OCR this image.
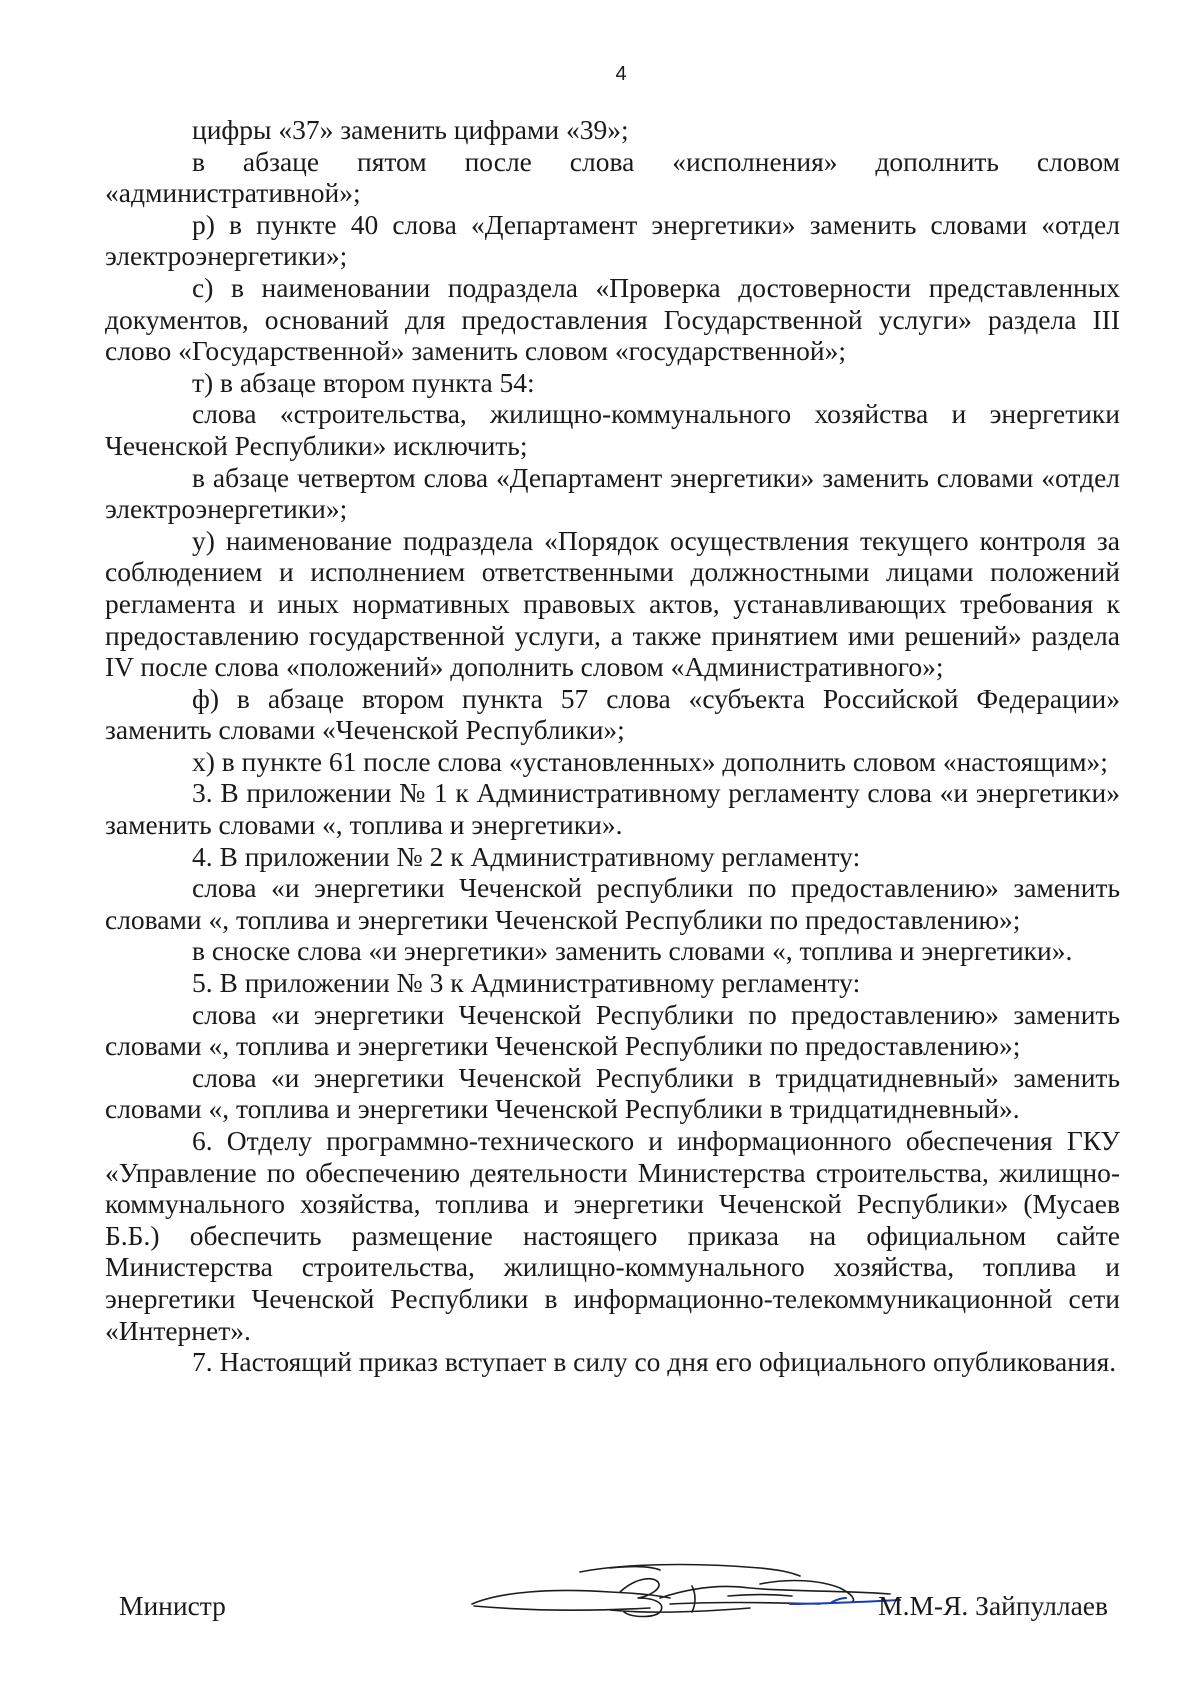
4

цифры «37» заменить цифрами «39»;

в абзаце пятом после слова «исполнения» дополнить словом «административной»;

р) в пункте 40 слова «Департамент энергетики» заменить словами «отдел электроэнергетики»;

с) в наименовании подраздела «Проверка достоверности представленных документов, оснований для предоставления Государственной услуги» раздела III слово «Государственной» заменить словом «государственной»;

т) в абзаце втором пункта 54:

слова «строительства, жилищно-коммунального хозяйства и энергетики Чеченской Республики» исключить;

в абзаце четвертом слова «Департамент энергетики» заменить словами «отдел электроэнергетики»;

у) наименование подраздела «Порядок осуществления текущего контроля за соблюдением и исполнением ответственными должностными лицами положений регламента и иных нормативных правовых актов, устанавливающих требования к предоставлению государственной услуги, а также принятием ими решений» раздела IV после слова «положений» дополнить словом «Административного»;

ф) в абзаце втором пункта 57 слова «субъекта Российской Федерации» заменить словами «Чеченской Республики»;

х) в пункте 61 после слова «установленных» дополнить словом «настоящим»;

3. В приложении № 1 к Административному регламенту слова «и энергетики» заменить словами «, топлива и энергетики».

4. В приложении № 2 к Административному регламенту:

слова «и энергетики Чеченской республики по предоставлению» заменить словами «, топлива и энергетики Чеченской Республики по предоставлению»;

в сноске слова «и энергетики» заменить словами «, топлива и энергетики».

5. В приложении № 3 к Административному регламенту:

слова «и энергетики Чеченской Республики по предоставлению» заменить словами «, топлива и энергетики Чеченской Республики по предоставлению»;

слова «и энергетики Чеченской Республики в тридцатидневный» заменить словами «, топлива и энергетики Чеченской Республики в тридцатидневный».

6. Отделу программно-технического и информационного обеспечения ГКУ «Управление по обеспечению деятельности Министерства строительства, жилищно-коммунального хозяйства, топлива и энергетики Чеченской Республики» (Мусаев Б.Б.) обеспечить размещение настоящего приказа на официальном сайте Министерства строительства, жилищно-коммунального хозяйства, топлива и энергетики Чеченской Республики в информационно-телекоммуникационной сети «Интернет».

7. Настоящий приказ вступает в силу со дня его официального опубликования.

Министр	М.М-Я. Зайпуллаев
